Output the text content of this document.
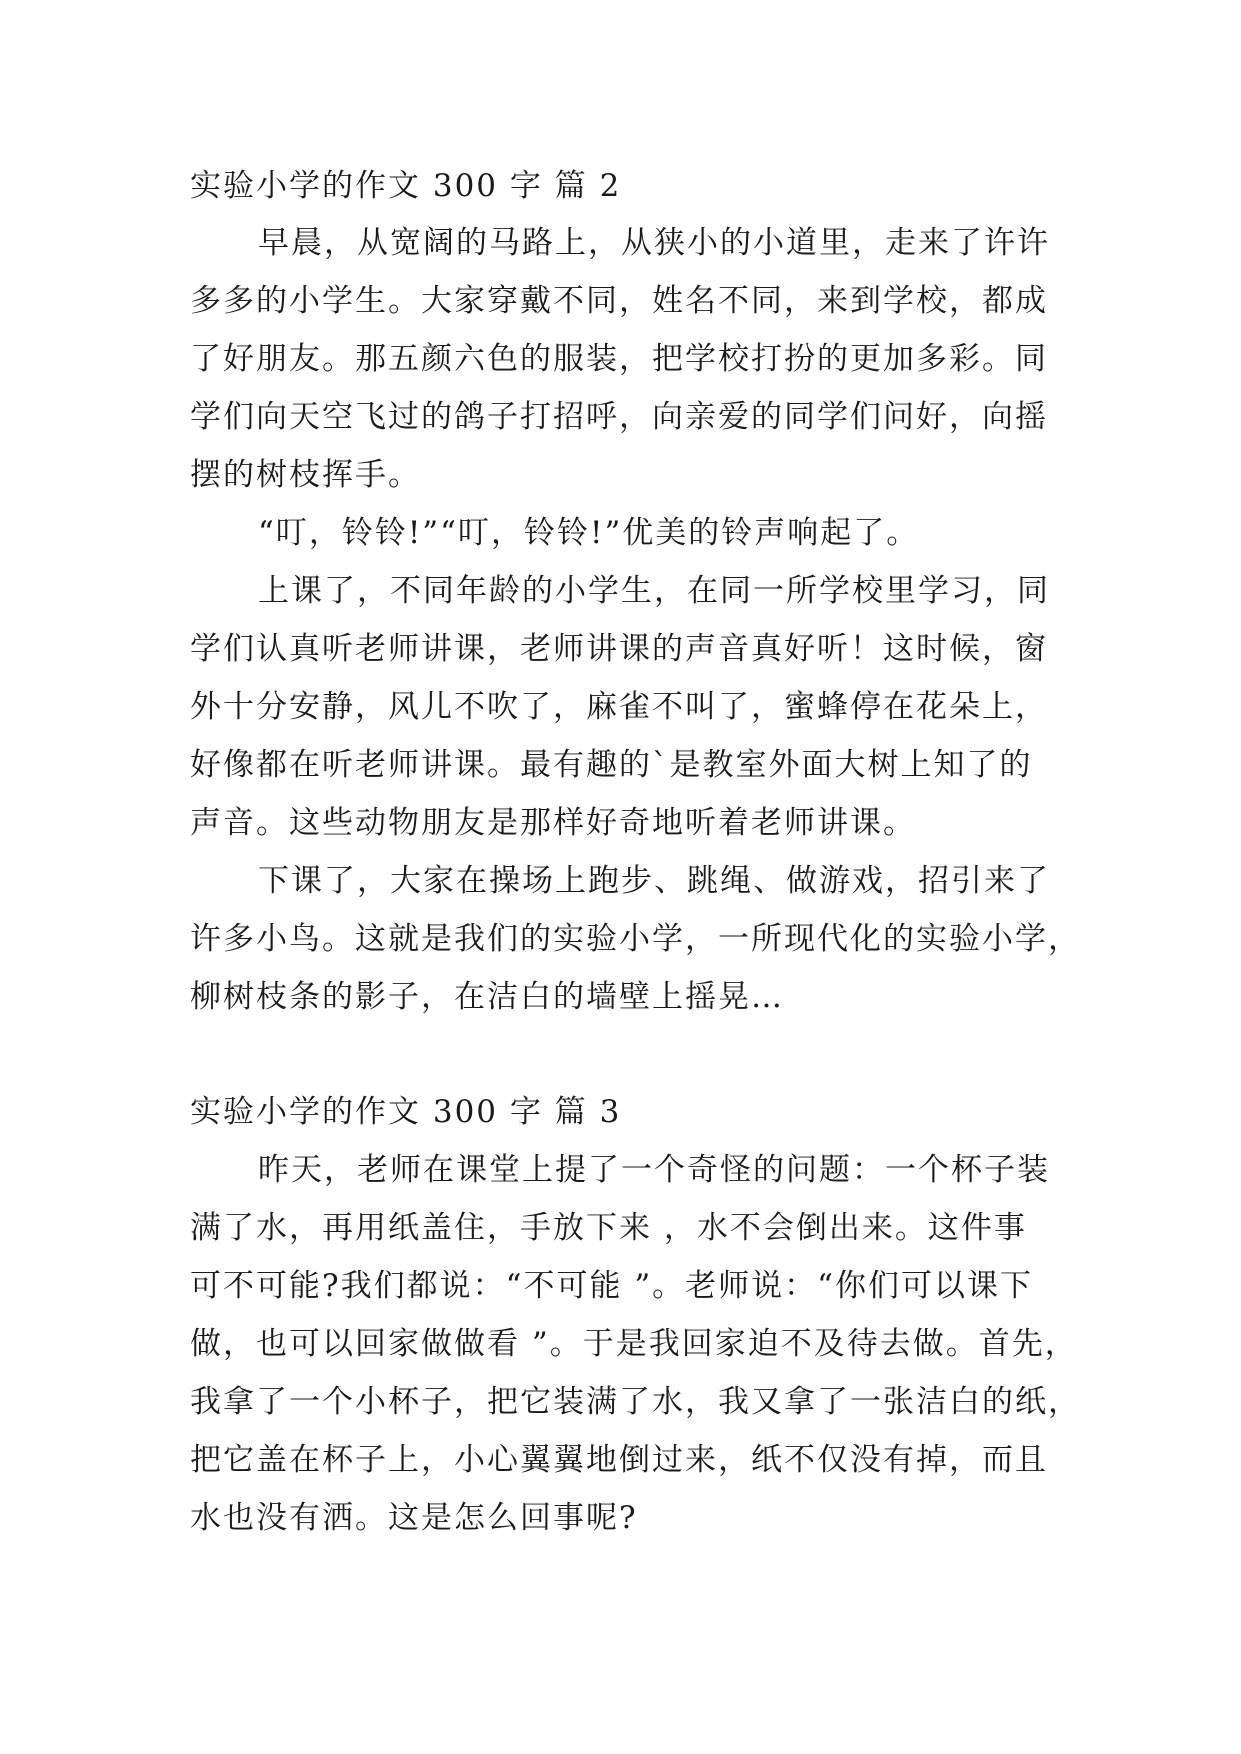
实验小学的作文 300 字 篇 2
早晨，从宽阔的马路上，从狭小的小道里，走来了许许
多多的小学生。大家穿戴不同，姓名不同，来到学校，都成
了好朋友。那五颜六色的服装，把学校打扮的更加多彩。同
学们向天空飞过的鸽子打招呼，向亲爱的同学们问好，向摇
摆的树枝挥手。
“叮，铃铃!”“叮，铃铃!”优美的铃声响起了。
上课了，不同年龄的小学生，在同一所学校里学习，同
学们认真听老师讲课，老师讲课的声音真好听！这时候，窗
外十分安静，风儿不吹了，麻雀不叫了，蜜蜂停在花朵上，
好像都在听老师讲课。最有趣的`是教室外面大树上知了的
声音。这些动物朋友是那样好奇地听着老师讲课。
下课了，大家在操场上跑步、跳绳、做游戏，招引来了
许多小鸟。这就是我们的实验小学，一所现代化的实验小学，
柳树枝条的影子，在洁白的墙壁上摇晃…
实验小学的作文 300 字 篇 3
昨天，老师在课堂上提了一个奇怪的问题：一个杯子装
满了水，再用纸盖住，手放下来 ，水不会倒出来。这件事
可不可能?我们都说：“不可能 ”。老师说：“你们可以课下
做，也可以回家做做看 ”。于是我回家迫不及待去做。首先，
我拿了一个小杯子，把它装满了水，我又拿了一张洁白的纸，
把它盖在杯子上，小心翼翼地倒过来，纸不仅没有掉，而且
水也没有洒。这是怎么回事呢?
